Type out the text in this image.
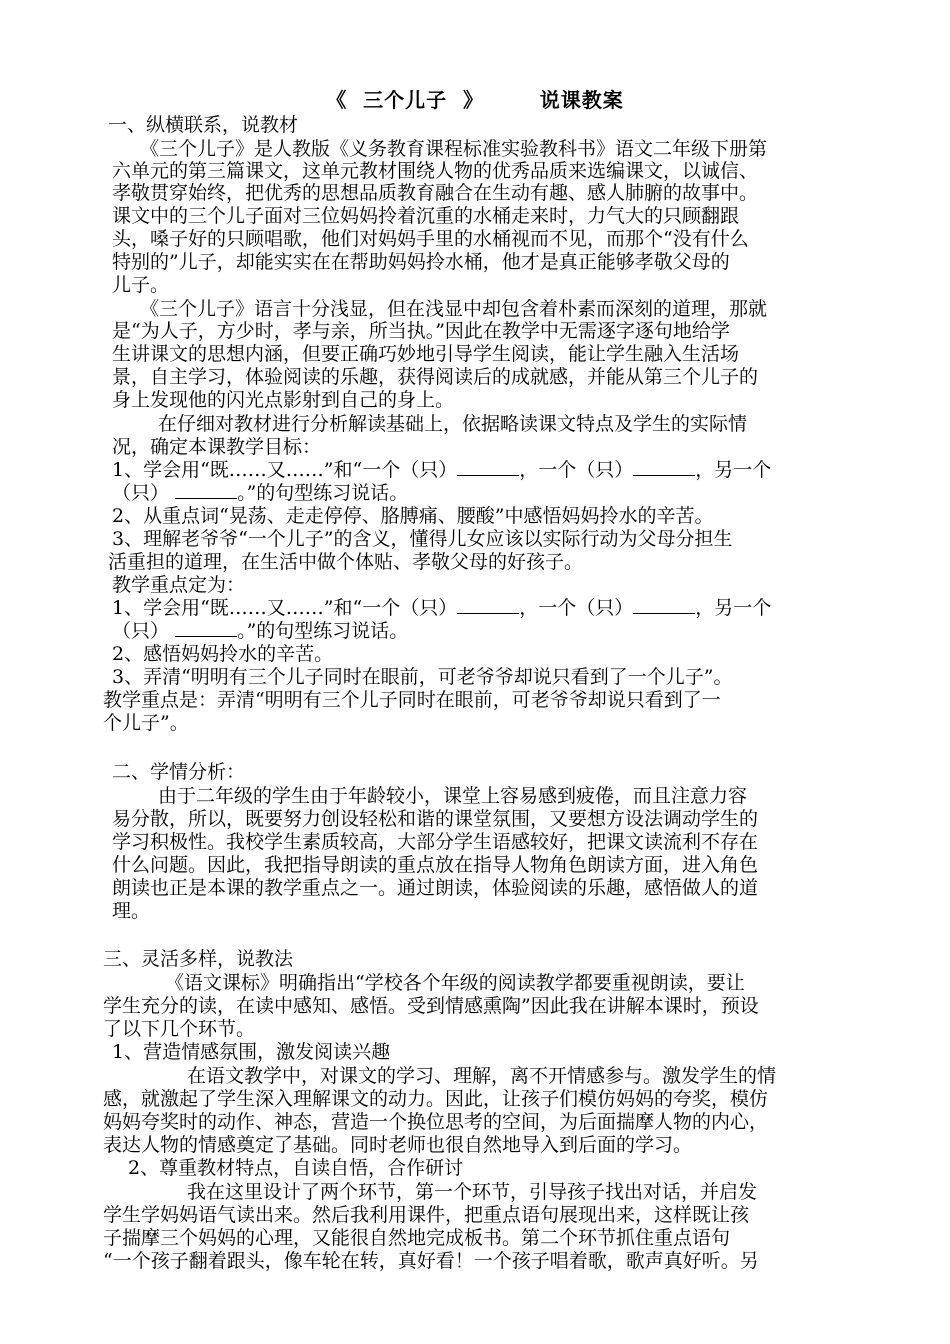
《  三个儿子  》       说课教案
一、纵横联系，说教材
《三个儿子》是人教版《义务教育课程标准实验教科书》语文二年级下册第
六单元的第三篇课文，这单元教材围绕人物的优秀品质来选编课文，以诚信、
孝敬贯穿始终，把优秀的思想品质教育融合在生动有趣、感人肺腑的故事中。
课文中的三个儿子面对三位妈妈拎着沉重的水桶走来时，力气大的只顾翻跟
头，嗓子好的只顾唱歌，他们对妈妈手里的水桶视而不见，而那个“没有什么
特别的”儿子，却能实实在在帮助妈妈拎水桶，他才是真正能够孝敬父母的
儿子。
《三个儿子》语言十分浅显，但在浅显中却包含着朴素而深刻的道理，那就
是“为人子，方少时，孝与亲，所当执。”因此在教学中无需逐字逐句地给学
生讲课文的思想内涵，但要正确巧妙地引导学生阅读，能让学生融入生活场
景，自主学习，体验阅读的乐趣，获得阅读后的成就感，并能从第三个儿子的
身上发现他的闪光点影射到自己的身上。
在仔细对教材进行分析解读基础上，依据略读课文特点及学生的实际情
况，确定本课教学目标：
1、学会用“既……又……”和“一个（只）	，一个（只）	，另一个
（只）	。”的句型练习说话。
2、从重点词“晃荡、走走停停、胳膊痛、腰酸”中感悟妈妈拎水的辛苦。
3、理解老爷爷“一个儿子”的含义，懂得儿女应该以实际行动为父母分担生
活重担的道理，在生活中做个体贴、孝敬父母的好孩子。
教学重点定为：
1、学会用“既……又……”和“一个（只）	，一个（只）	，另一个
（只）	。”的句型练习说话。
2、感悟妈妈拎水的辛苦。
3、弄清“明明有三个儿子同时在眼前，可老爷爷却说只看到了一个儿子”。
教学重点是：弄清“明明有三个儿子同时在眼前，可老爷爷却说只看到了一
个儿子”。
二、学情分析：
由于二年级的学生由于年龄较小，课堂上容易感到疲倦，而且注意力容
易分散，所以，既要努力创设轻松和谐的课堂氛围，又要想方设法调动学生的
学习积极性。我校学生素质较高，大部分学生语感较好，把课文读流利不存在
什么问题。因此，我把指导朗读的重点放在指导人物角色朗读方面，进入角色
朗读也正是本课的教学重点之一。通过朗读，体验阅读的乐趣，感悟做人的道
理。
三、灵活多样，说教法
《语文课标》明确指出“学校各个年级的阅读教学都要重视朗读，要让
学生充分的读，在读中感知、感悟。受到情感熏陶”因此我在讲解本课时，预设
了以下几个环节。
1、营造情感氛围，激发阅读兴趣
在语文教学中，对课文的学习、理解，离不开情感参与。激发学生的情
感，就激起了学生深入理解课文的动力。因此，让孩子们模仿妈妈的夸奖，模仿
妈妈夸奖时的动作、神态，营造一个换位思考的空间，为后面揣摩人物的内心，
表达人物的情感奠定了基础。同时老师也很自然地导入到后面的学习。
2、尊重教材特点，自读自悟，合作研讨
我在这里设计了两个环节，第一个环节，引导孩子找出对话，并启发
学生学妈妈语气读出来。然后我利用课件，把重点语句展现出来，这样既让孩
子揣摩三个妈妈的心理，又能很自然地完成板书。第二个环节抓住重点语句
“一个孩子翻着跟头，像车轮在转，真好看！一个孩子唱着歌，歌声真好听。另
